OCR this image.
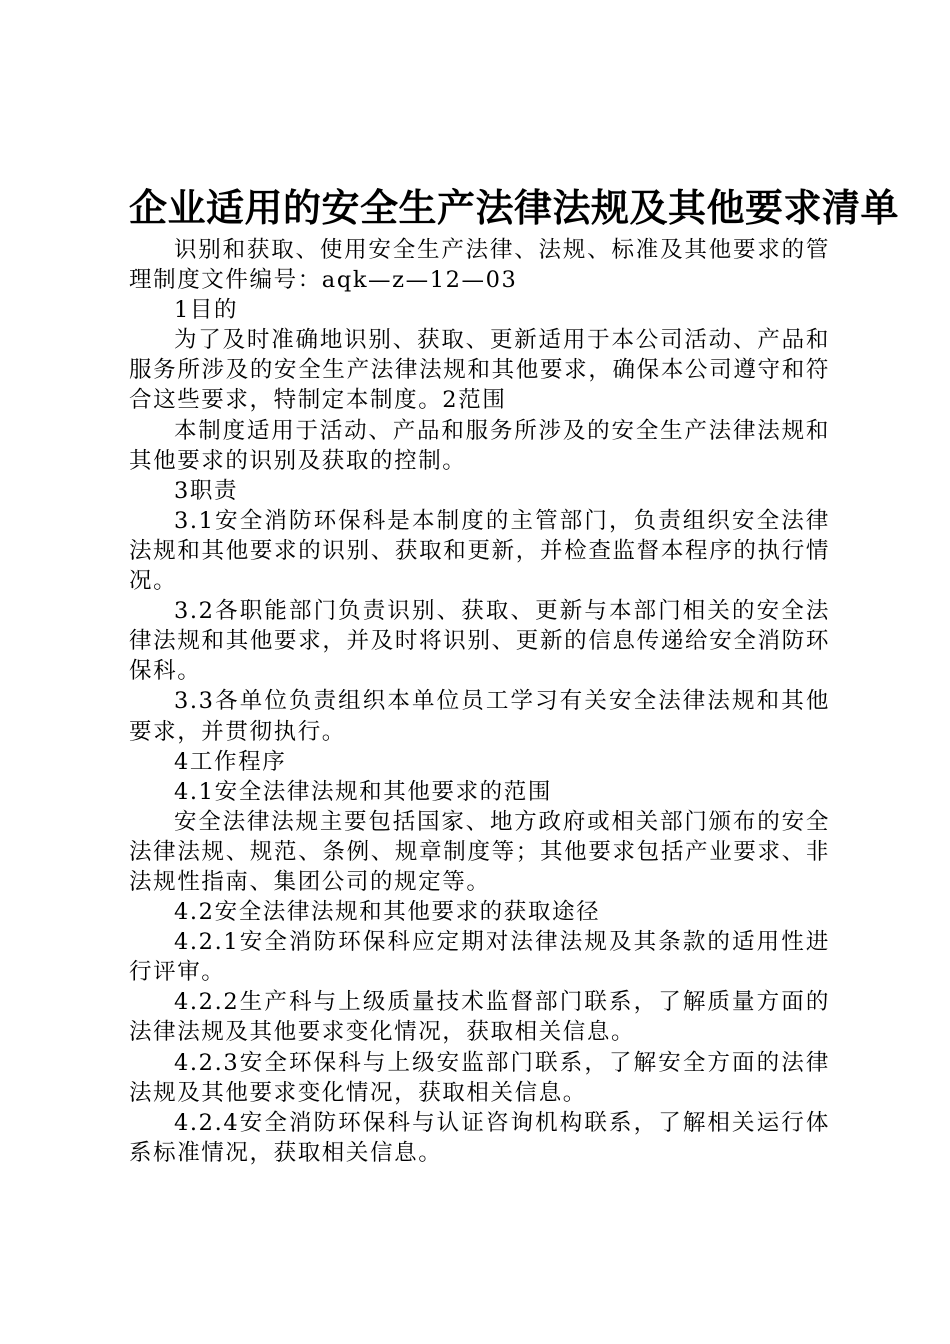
企业适用的安全生产法律法规及其他要求清单

识别和获取、使用安全生产法律、法规、标准及其他要求的管理制度文件编号：aqk—z—12—03

1目的

为了及时准确地识别、获取、更新适用于本公司活动、产品和服务所涉及的安全生产法律法规和其他要求，确保本公司遵守和符合这些要求，特制定本制度。2范围

本制度适用于活动、产品和服务所涉及的安全生产法律法规和其他要求的识别及获取的控制。

3职责

3.1安全消防环保科是本制度的主管部门，负责组织安全法律法规和其他要求的识别、获取和更新，并检查监督本程序的执行情况。

3.2各职能部门负责识别、获取、更新与本部门相关的安全法律法规和其他要求，并及时将识别、更新的信息传递给安全消防环保科。

3.3各单位负责组织本单位员工学习有关安全法律法规和其他要求，并贯彻执行。

4工作程序

4.1安全法律法规和其他要求的范围

安全法律法规主要包括国家、地方政府或相关部门颁布的安全法律法规、规范、条例、规章制度等；其他要求包括产业要求、非法规性指南、集团公司的规定等。

4.2安全法律法规和其他要求的获取途径

4.2.1安全消防环保科应定期对法律法规及其条款的适用性进行评审。

4.2.2生产科与上级质量技术监督部门联系，了解质量方面的法律法规及其他要求变化情况，获取相关信息。

4.2.3安全环保科与上级安监部门联系，了解安全方面的法律法规及其他要求变化情况，获取相关信息。

4.2.4安全消防环保科与认证咨询机构联系，了解相关运行体系标准情况，获取相关信息。
